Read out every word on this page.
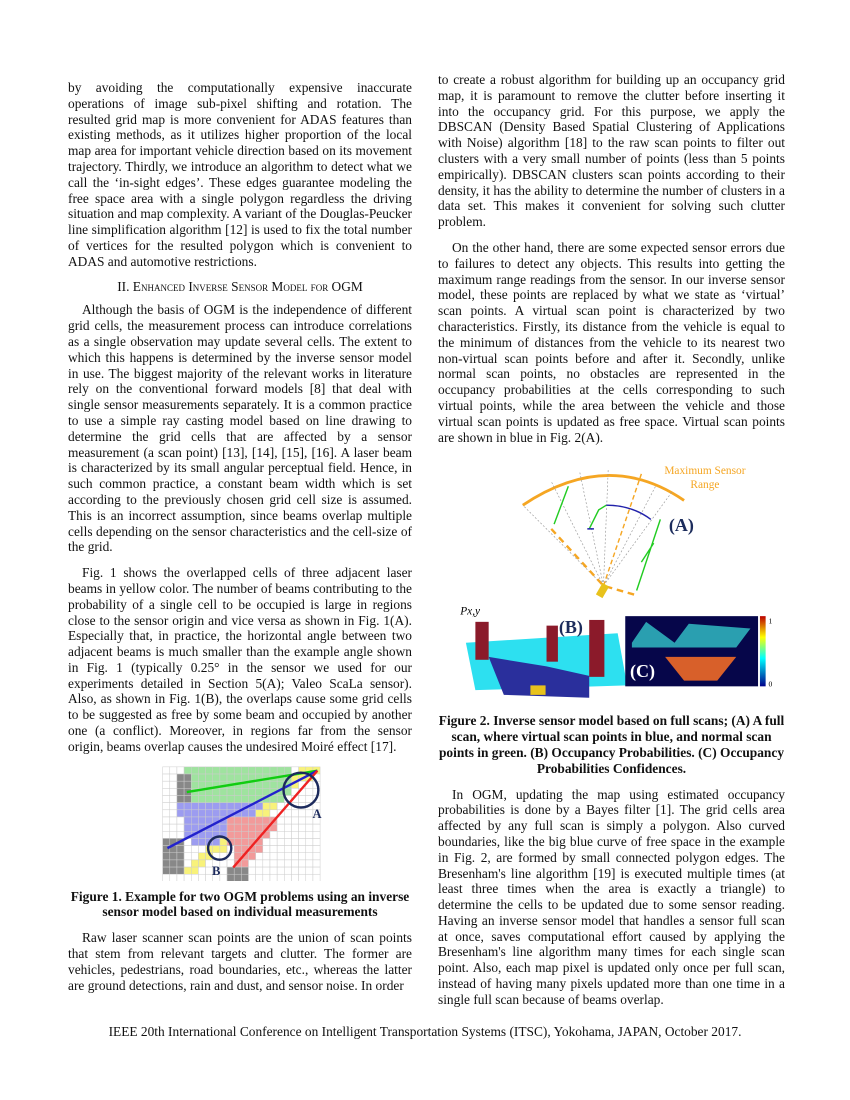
by avoiding the computationally expensive inaccurate operations of image sub-pixel shifting and rotation. The resulted grid map is more convenient for ADAS features than existing methods, as it utilizes higher proportion of the local map area for important vehicle direction based on its movement trajectory. Thirdly, we introduce an algorithm to detect what we call the ‘in-sight edges’. These edges guarantee modeling the free space area with a single polygon regardless the driving situation and map complexity. A variant of the Douglas-Peucker line simplification algorithm [12] is used to fix the total number of vertices for the resulted polygon which is convenient to ADAS and automotive restrictions.

II. Enhanced Inverse Sensor Model for OGM

Although the basis of OGM is the independence of different grid cells, the measurement process can introduce correlations as a single observation may update several cells. The extent to which this happens is determined by the inverse sensor model in use. The biggest majority of the relevant works in literature rely on the conventional forward models [8] that deal with single sensor measurements separately. It is a common practice to use a simple ray casting model based on line drawing to determine the grid cells that are affected by a sensor measurement (a scan point) [13], [14], [15], [16]. A laser beam is characterized by its small angular perceptual field. Hence, in such common practice, a constant beam width which is set according to the previously chosen grid cell size is assumed. This is an incorrect assumption, since beams overlap multiple cells depending on the sensor characteristics and the cell-size of the grid.

Fig. 1 shows the overlapped cells of three adjacent laser beams in yellow color. The number of beams contributing to the probability of a single cell to be occupied is large in regions close to the sensor origin and vice versa as shown in Fig. 1(A). Especially that, in practice, the horizontal angle between two adjacent beams is much smaller than the example angle shown in Fig. 1 (typically 0.25° in the sensor we used for our experiments detailed in Section 5(A); Valeo ScaLa sensor). Also, as shown in Fig. 1(B), the overlaps cause some grid cells to be suggested as free by some beam and occupied by another one (a conflict). Moreover, in regions far from the sensor origin, beams overlap causes the undesired Moiré effect [17].

A
B

Figure 1. Example for two OGM problems using an inverse sensor model based on individual measurements

Raw laser scanner scan points are the union of scan points that stem from relevant targets and clutter. The former are vehicles, pedestrians, road boundaries, etc., whereas the latter are ground detections, rain and dust, and sensor noise. In order

to create a robust algorithm for building up an occupancy grid map, it is paramount to remove the clutter before inserting it into the occupancy grid. For this purpose, we apply the DBSCAN (Density Based Spatial Clustering of Applications with Noise) algorithm [18] to the raw scan points to filter out clusters with a very small number of points (less than 5 points empirically). DBSCAN clusters scan points according to their density, it has the ability to determine the number of clusters in a data set. This makes it convenient for solving such clutter problem.

On the other hand, there are some expected sensor errors due to failures to detect any objects. This results into getting the maximum range readings from the sensor. In our inverse sensor model, these points are replaced by what we state as ‘virtual’ scan points. A virtual scan point is characterized by two characteristics. Firstly, its distance from the vehicle is equal to the minimum of distances from the vehicle to its nearest two non-virtual scan points before and after it. Secondly, unlike normal scan points, no obstacles are represented in the occupancy probabilities at the cells corresponding to such virtual points, while the area between the vehicle and those virtual scan points is updated as free space. Virtual scan points are shown in blue in Fig. 2(A).

Maximum Sensor
Range
(A)
Px,y
(B)	1
0
(C)

Figure 2. Inverse sensor model based on full scans; (A) A full scan, where virtual scan points in blue, and normal scan points in green. (B) Occupancy Probabilities. (C) Occupancy Probabilities Confidences.

In OGM, updating the map using estimated occupancy probabilities is done by a Bayes filter [1]. The grid cells area affected by any full scan is simply a polygon. Also curved boundaries, like the big blue curve of free space in the example in Fig. 2, are formed by small connected polygon edges. The Bresenham's line algorithm [19] is executed multiple times (at least three times when the area is exactly a triangle) to determine the cells to be updated due to some sensor reading. Having an inverse sensor model that handles a sensor full scan at once, saves computational effort caused by applying the Bresenham's line algorithm many times for each single scan point. Also, each map pixel is updated only once per full scan, instead of having many pixels updated more than one time in a single full scan because of beams overlap.

IEEE 20th International Conference on Intelligent Transportation Systems (ITSC), Yokohama, JAPAN, October 2017.
